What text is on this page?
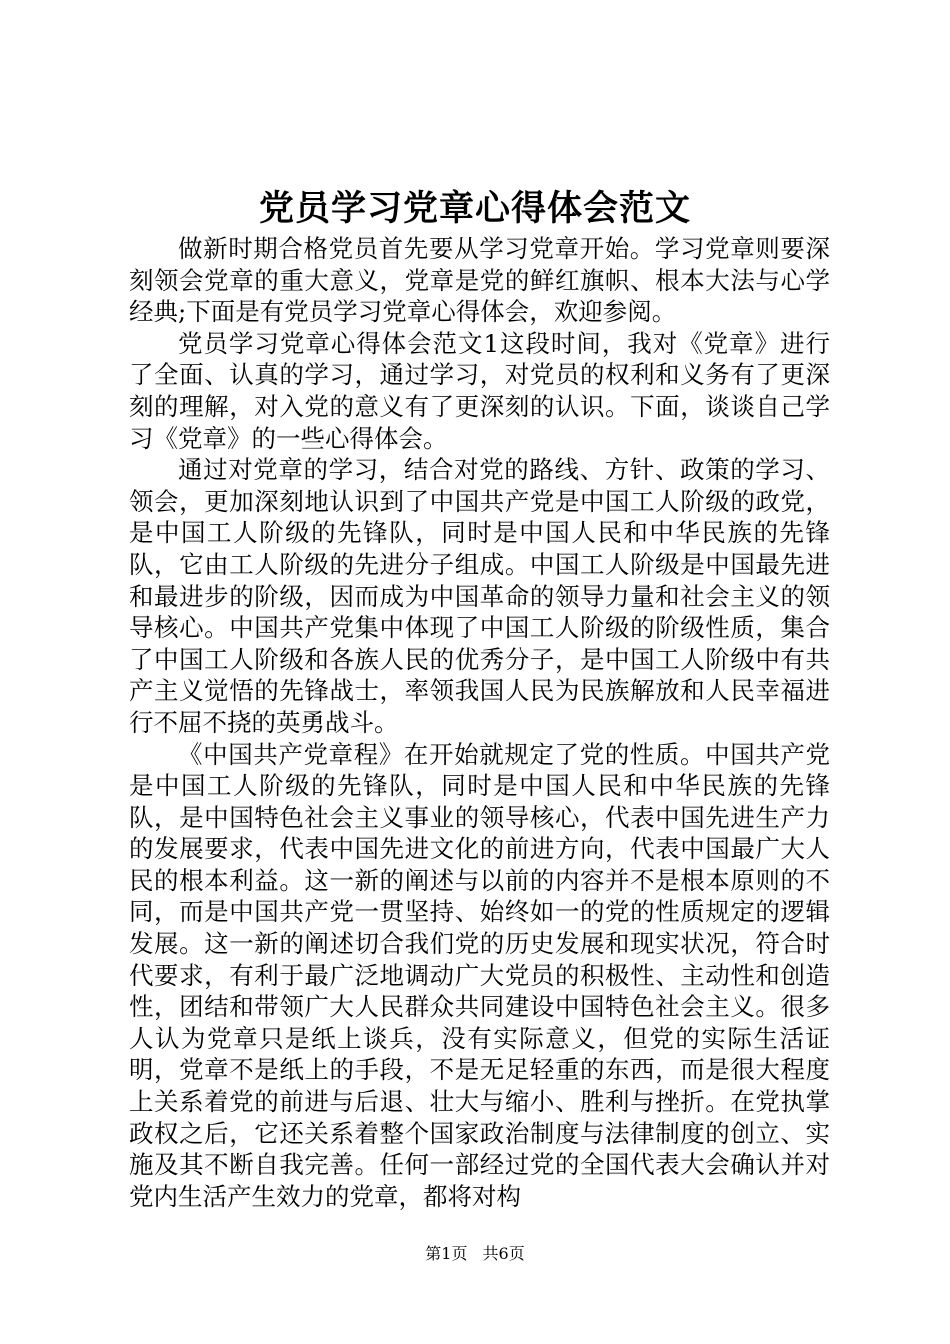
党员学习党章心得体会范文

做新时期合格党员首先要从学习党章开始。学习党章则要深刻领会党章的重大意义，党章是党的鲜红旗帜、根本大法与心学经典;下面是有党员学习党章心得体会，欢迎参阅。

党员学习党章心得体会范文1这段时间，我对《党章》进行了全面、认真的学习，通过学习，对党员的权利和义务有了更深刻的理解，对入党的意义有了更深刻的认识。下面，谈谈自己学习《党章》的一些心得体会。

通过对党章的学习，结合对党的路线、方针、政策的学习、领会，更加深刻地认识到了中国共产党是中国工人阶级的政党，是中国工人阶级的先锋队，同时是中国人民和中华民族的先锋队，它由工人阶级的先进分子组成。中国工人阶级是中国最先进和最进步的阶级，因而成为中国革命的领导力量和社会主义的领导核心。中国共产党集中体现了中国工人阶级的阶级性质，集合了中国工人阶级和各族人民的优秀分子，是中国工人阶级中有共产主义觉悟的先锋战士，率领我国人民为民族解放和人民幸福进行不屈不挠的英勇战斗。

《中国共产党章程》在开始就规定了党的性质。中国共产党是中国工人阶级的先锋队，同时是中国人民和中华民族的先锋队，是中国特色社会主义事业的领导核心，代表中国先进生产力的发展要求，代表中国先进文化的前进方向，代表中国最广大人民的根本利益。这一新的阐述与以前的内容并不是根本原则的不同，而是中国共产党一贯坚持、始终如一的党的性质规定的逻辑发展。这一新的阐述切合我们党的历史发展和现实状况，符合时代要求，有利于最广泛地调动广大党员的积极性、主动性和创造性，团结和带领广大人民群众共同建设中国特色社会主义。很多人认为党章只是纸上谈兵，没有实际意义，但党的实际生活证明，党章不是纸上的手段，不是无足轻重的东西，而是很大程度上关系着党的前进与后退、壮大与缩小、胜利与挫折。在党执掌政权之后，它还关系着整个国家政治制度与法律制度的创立、实施及其不断自我完善。任何一部经过党的全国代表大会确认并对党内生活产生效力的党章，都将对构

第1页 共6页
